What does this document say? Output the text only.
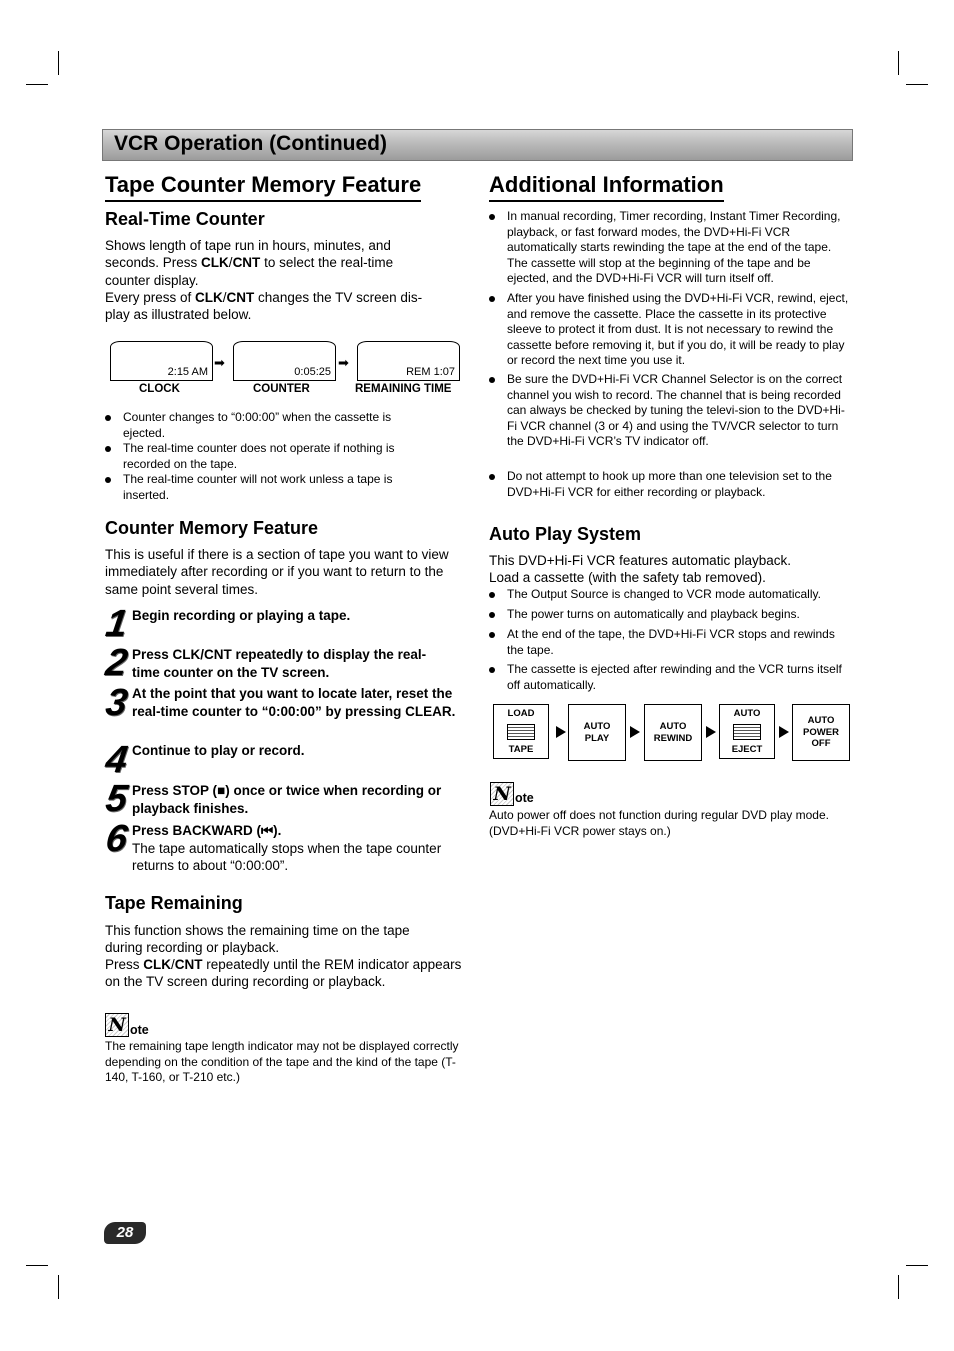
VCR Operation (Continued)
Tape Counter Memory Feature
Real-Time Counter
Shows length of tape run in hours, minutes, and
seconds. Press CLK/CNT to select the real-time
counter display.
Every press of CLK/CNT changes the TV screen dis-
play as illustrated below.
2:15 AM	0:05:25	REM 1:07
➡	➡
CLOCK	COUNTER	REMAINING TIME
Counter changes to “0:00:00” when the cassette is ejected.
The real-time counter does not operate if nothing is recorded on the tape.
The real-time counter will not work unless a tape is inserted.
Counter Memory Feature
This is useful if there is a section of tape you want to view immediately after recording or if you want to return to the same point several times.
1 Begin recording or playing a tape.
2 Press CLK/CNT repeatedly to display the real-time counter on the TV screen.
3 At the point that you want to locate later, reset the real-time counter to “0:00:00” by pressing CLEAR.
4 Continue to play or record.
5 Press STOP (■) once or twice when recording or playback finishes.
6 Press BACKWARD (⏮).
The tape automatically stops when the tape counter returns to about “0:00:00”.
Tape Remaining
This function shows the remaining time on the tape during recording or playback.
Press CLK/CNT repeatedly until the REM indicator appears on the TV screen during recording or playback.
N ote
The remaining tape length indicator may not be displayed correctly depending on the condition of the tape and the kind of the tape (T-140, T-160, or T-210 etc.)
Additional Information
In manual recording, Timer recording, Instant Timer Recording, playback, or fast forward modes, the DVD+Hi-Fi VCR automatically starts rewinding the tape at the end of the tape. The cassette will stop at the beginning of the tape and be ejected, and the DVD+Hi-Fi VCR will turn itself off.
After you have finished using the DVD+Hi-Fi VCR, rewind, eject, and remove the cassette. Place the cassette in its protective sleeve to protect it from dust. It is not necessary to rewind the cassette before removing it, but if you do, it will be ready to play or record the next time you use it.
Be sure the DVD+Hi-Fi VCR Channel Selector is on the correct channel you wish to record. The channel that is being recorded can always be checked by tuning the televi-sion to the DVD+Hi-Fi VCR channel (3 or 4) and using the TV/VCR selector to turn the DVD+Hi-Fi VCR’s TV indicator off.
Do not attempt to hook up more than one television set to the DVD+Hi-Fi VCR for either recording or playback.
Auto Play System
This DVD+Hi-Fi VCR features automatic playback.
Load a cassette (with the safety tab removed).
The Output Source is changed to VCR mode automatically.
The power turns on automatically and playback begins.
At the end of the tape, the DVD+Hi-Fi VCR stops and rewinds the tape.
The cassette is ejected after rewinding and the VCR turns itself off automatically.
LOAD
TAPE
AUTO PLAY
AUTO REWIND
AUTO
EJECT
AUTO POWER OFF
N ote
Auto power off does not function during regular DVD play mode. (DVD+Hi-Fi VCR power stays on.)
28
